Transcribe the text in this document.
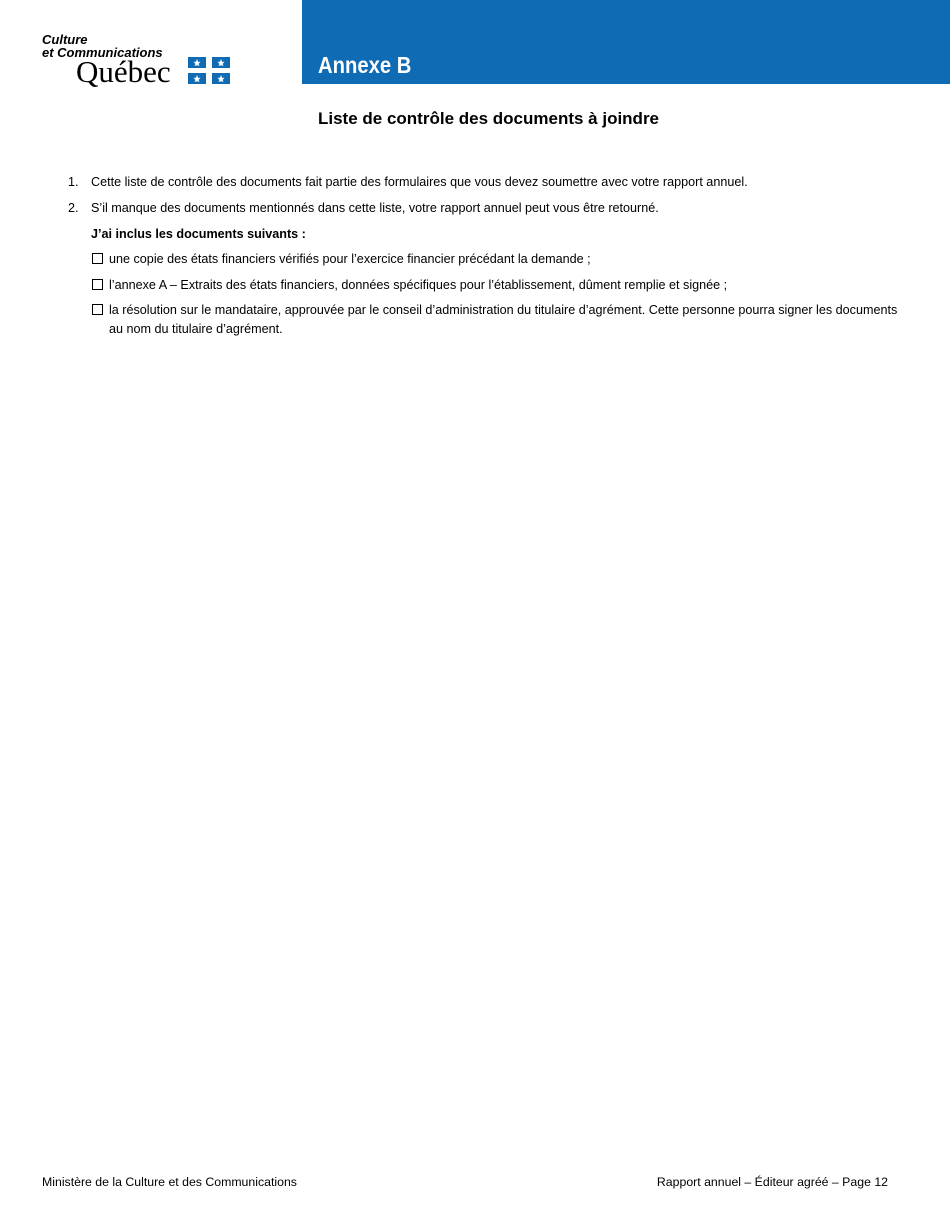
Culture
et Communications
Québec	Annexe B
Liste de contrôle des documents à joindre
1. Cette liste de contrôle des documents fait partie des formulaires que vous devez soumettre avec votre rapport annuel.
2. S’il manque des documents mentionnés dans cette liste, votre rapport annuel peut vous être retourné.
J’ai inclus les documents suivants :
une copie des états financiers vérifiés pour l’exercice financier précédant la demande ;
l’annexe A – Extraits des états financiers, données spécifiques pour l’établissement, dûment remplie et signée ;
la résolution sur le mandataire, approuvée par le conseil d’administration du titulaire d’agrément. Cette personne pourra signer les documents au nom du titulaire d’agrément.
Ministère de la Culture et des Communications	Rapport annuel – Éditeur agréé – Page 12
